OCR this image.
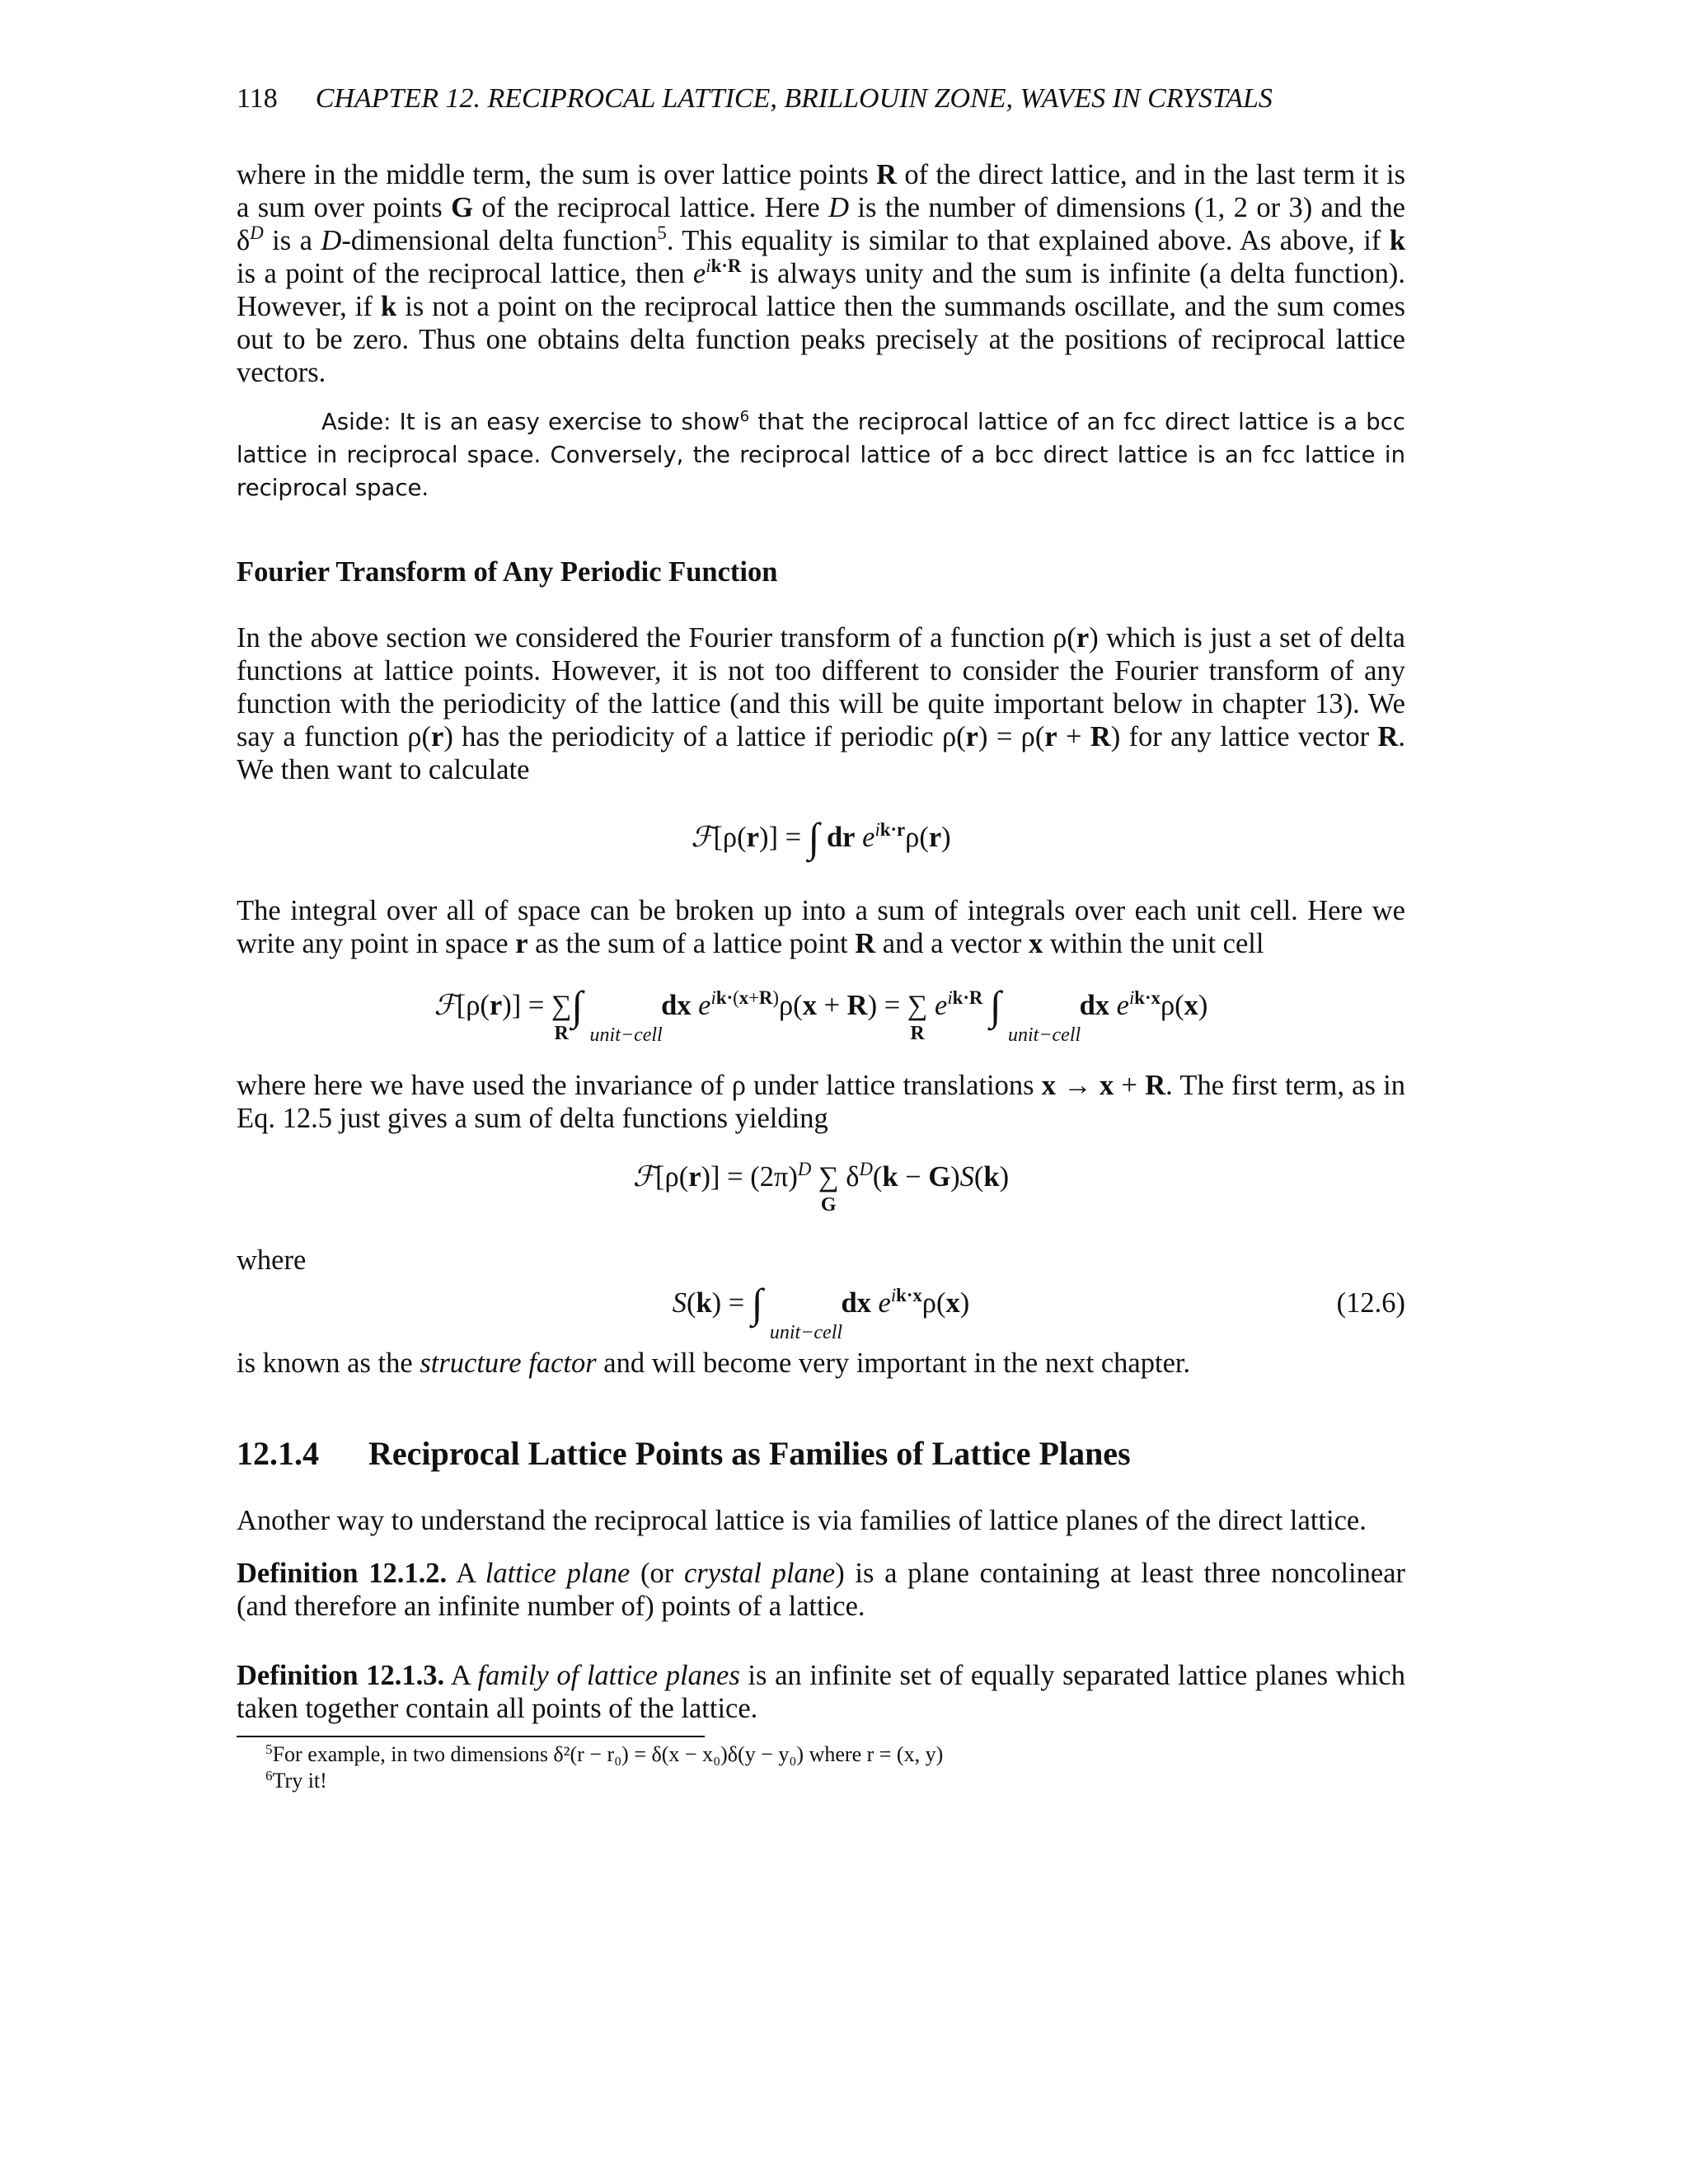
118 CHAPTER 12. RECIPROCAL LATTICE, BRILLOUIN ZONE, WAVES IN CRYSTALS

where in the middle term, the sum is over lattice points R of the direct lattice, and in the last term it is a sum over points G of the reciprocal lattice. Here D is the number of dimensions (1, 2 or 3) and the $\delta^D$ is a D-dimensional delta function$^5$. This equality is similar to that explained above. As above, if k is a point of the reciprocal lattice, then $e^{ik\cdot R}$ is always unity and the sum is infinite (a delta function). However, if k is not a point on the reciprocal lattice then the summands oscillate, and the sum comes out to be zero. Thus one obtains delta function peaks precisely at the positions of reciprocal lattice vectors.

Aside: It is an easy exercise to show$^6$ that the reciprocal lattice of an fcc direct lattice is a bcc lattice in reciprocal space. Conversely, the reciprocal lattice of a bcc direct lattice is an fcc lattice in reciprocal space.

Fourier Transform of Any Periodic Function

In the above section we considered the Fourier transform of a function ρ(r) which is just a set of delta functions at lattice points. However, it is not too different to consider the Fourier transform of any function with the periodicity of the lattice (and this will be quite important below in chapter 13). We say a function ρ(r) has the periodicity of a lattice if periodic ρ(r) = ρ(r + R) for any lattice vector R. We then want to calculate

ℱ[ρ(r)] = ∫ dr $e^{ik\cdot r}\rho(r)$

The integral over all of space can be broken up into a sum of integrals over each unit cell. Here we write any point in space r as the sum of a lattice point R and a vector x within the unit cell

ℱ[ρ(r)] = ∑
R
∫
unit−cell
dx $e^{ik\cdot(x+R)}\rho(x + R)$ = ∑
R
$e^{ik\cdot R}$ ∫
unit−cell
dx $e^{ik\cdot x}\rho(x)$

where here we have used the invariance of ρ under lattice translations x → x + R. The first term, as in Eq. 12.5 just gives a sum of delta functions yielding

ℱ[ρ(r)] = $(2\pi)^D$ ∑
G
$\delta^D(k - G)S(k)$

where

S(k) = ∫
unit−cell
dx $e^{ik\cdot x}\rho(x)$	(12.6)

is known as the structure factor and will become very important in the next chapter.

12.1.4 Reciprocal Lattice Points as Families of Lattice Planes

Another way to understand the reciprocal lattice is via families of lattice planes of the direct lattice.

Definition 12.1.2. A lattice plane (or crystal plane) is a plane containing at least three noncolinear (and therefore an infinite number of) points of a lattice.

Definition 12.1.3. A family of lattice planes is an infinite set of equally separated lattice planes which taken together contain all points of the lattice.

$^5$For example, in two dimensions δ²(r − r₀) = δ(x − x₀)δ(y − y₀) where r = (x, y)
$^6$Try it!
